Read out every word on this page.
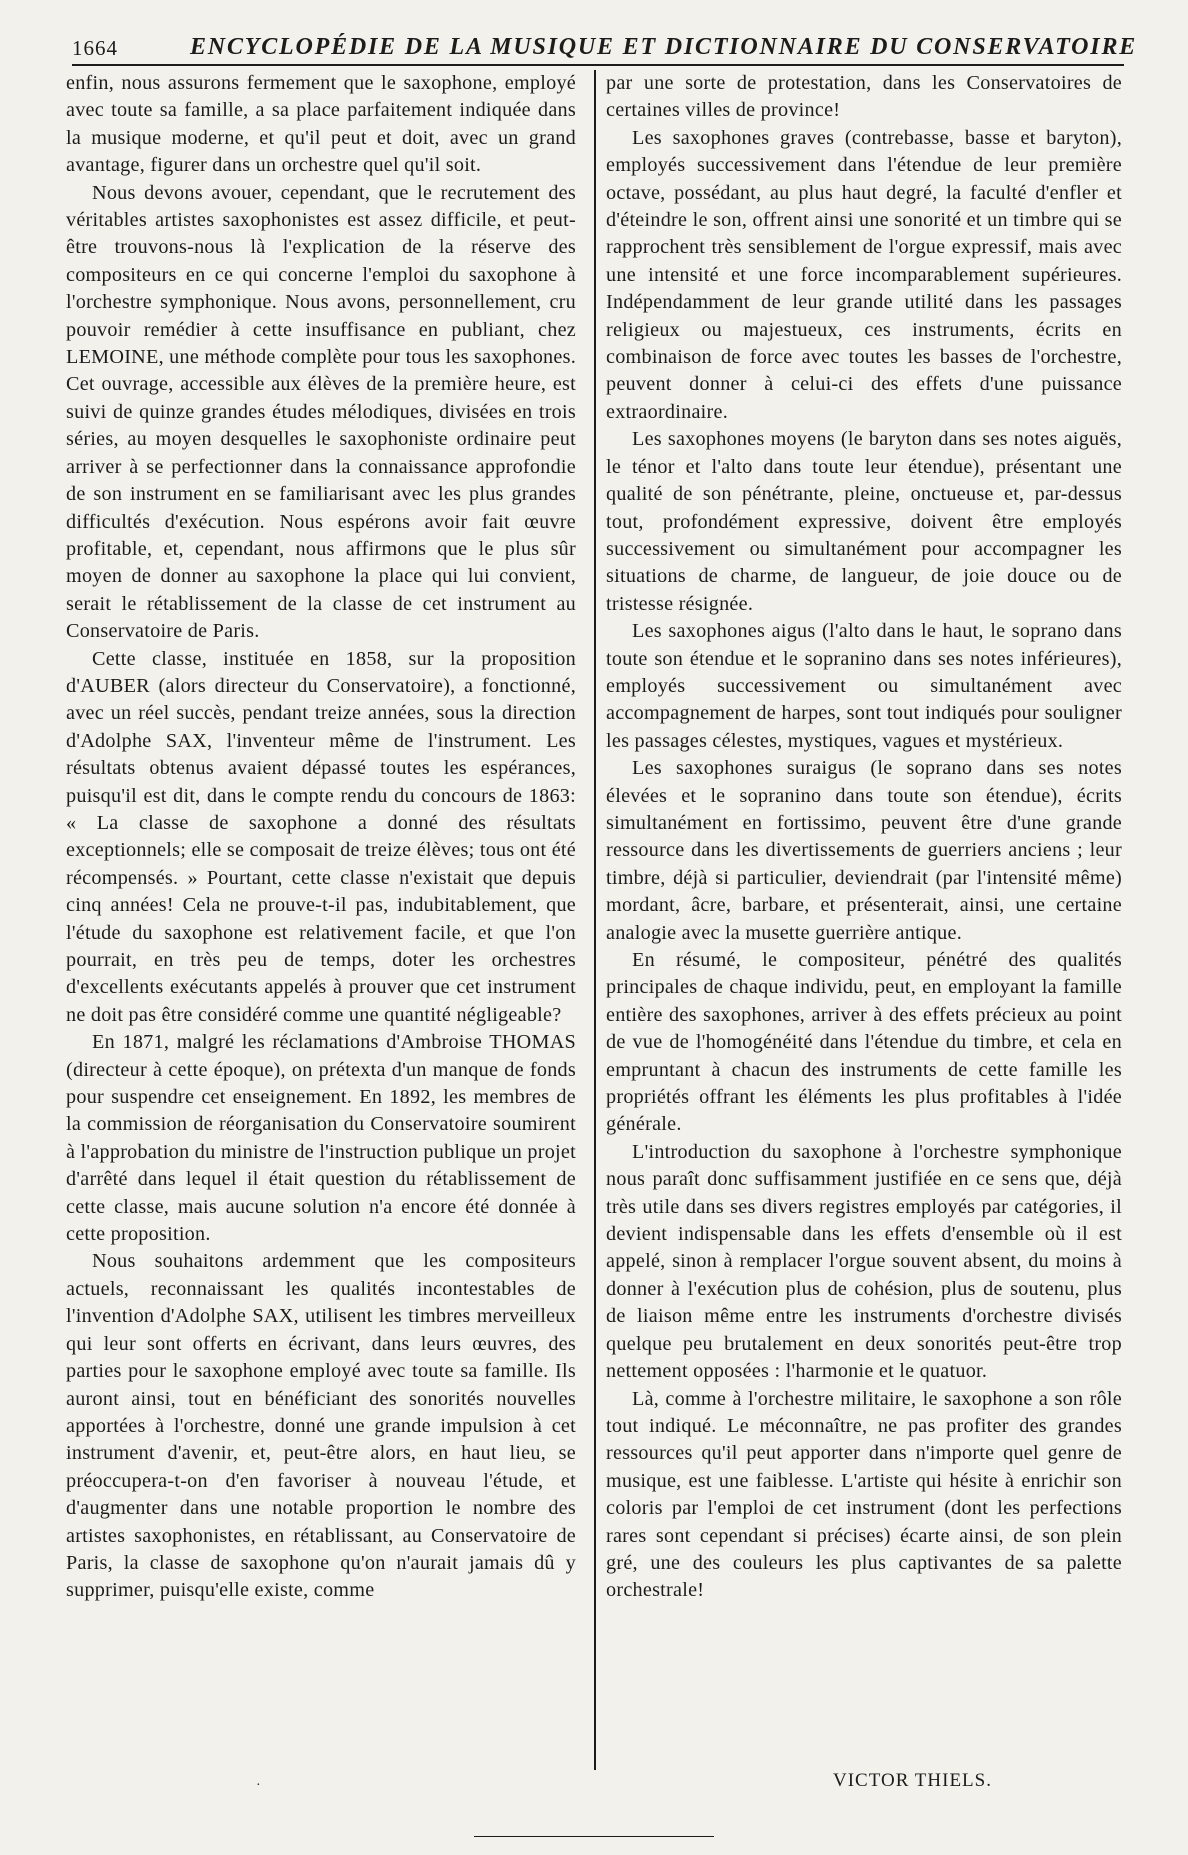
1664	ENCYCLOPÉDIE DE LA MUSIQUE ET DICTIONNAIRE DU CONSERVATOIRE

enfin, nous assurons fermement que le saxophone, employé avec toute sa famille, a sa place parfaitement indiquée dans la musique moderne, et qu'il peut et doit, avec un grand avantage, figurer dans un orchestre quel qu'il soit.

Nous devons avouer, cependant, que le recrutement des véritables artistes saxophonistes est assez difficile, et peut-être trouvons-nous là l'explication de la réserve des compositeurs en ce qui concerne l'emploi du saxophone à l'orchestre symphonique. Nous avons, personnellement, cru pouvoir remédier à cette insuffisance en publiant, chez LEMOINE, une méthode complète pour tous les saxophones. Cet ouvrage, accessible aux élèves de la première heure, est suivi de quinze grandes études mélodiques, divisées en trois séries, au moyen desquelles le saxophoniste ordinaire peut arriver à se perfectionner dans la connaissance approfondie de son instrument en se familiarisant avec les plus grandes difficultés d'exécution. Nous espérons avoir fait œuvre profitable, et, cependant, nous affirmons que le plus sûr moyen de donner au saxophone la place qui lui convient, serait le rétablissement de la classe de cet instrument au Conservatoire de Paris.

Cette classe, instituée en 1858, sur la proposition d'AUBER (alors directeur du Conservatoire), a fonctionné, avec un réel succès, pendant treize années, sous la direction d'Adolphe SAX, l'inventeur même de l'instrument. Les résultats obtenus avaient dépassé toutes les espérances, puisqu'il est dit, dans le compte rendu du concours de 1863: « La classe de saxophone a donné des résultats exceptionnels; elle se composait de treize élèves; tous ont été récompensés. » Pourtant, cette classe n'existait que depuis cinq années! Cela ne prouve-t-il pas, indubitablement, que l'étude du saxophone est relativement facile, et que l'on pourrait, en très peu de temps, doter les orchestres d'excellents exécutants appelés à prouver que cet instrument ne doit pas être considéré comme une quantité négligeable?

En 1871, malgré les réclamations d'Ambroise THOMAS (directeur à cette époque), on prétexta d'un manque de fonds pour suspendre cet enseignement. En 1892, les membres de la commission de réorganisation du Conservatoire soumirent à l'approbation du ministre de l'instruction publique un projet d'arrêté dans lequel il était question du rétablissement de cette classe, mais aucune solution n'a encore été donnée à cette proposition.

Nous souhaitons ardemment que les compositeurs actuels, reconnaissant les qualités incontestables de l'invention d'Adolphe SAX, utilisent les timbres merveilleux qui leur sont offerts en écrivant, dans leurs œuvres, des parties pour le saxophone employé avec toute sa famille. Ils auront ainsi, tout en bénéficiant des sonorités nouvelles apportées à l'orchestre, donné une grande impulsion à cet instrument d'avenir, et, peut-être alors, en haut lieu, se préoccupera-t-on d'en favoriser à nouveau l'étude, et d'augmenter dans une notable proportion le nombre des artistes saxophonistes, en rétablissant, au Conservatoire de Paris, la classe de saxophone qu'on n'aurait jamais dû y supprimer, puisqu'elle existe, comme

par une sorte de protestation, dans les Conservatoires de certaines villes de province!

Les saxophones graves (contrebasse, basse et baryton), employés successivement dans l'étendue de leur première octave, possédant, au plus haut degré, la faculté d'enfler et d'éteindre le son, offrent ainsi une sonorité et un timbre qui se rapprochent très sensiblement de l'orgue expressif, mais avec une intensité et une force incomparablement supérieures. Indépendamment de leur grande utilité dans les passages religieux ou majestueux, ces instruments, écrits en combinaison de force avec toutes les basses de l'orchestre, peuvent donner à celui-ci des effets d'une puissance extraordinaire.

Les saxophones moyens (le baryton dans ses notes aiguës, le ténor et l'alto dans toute leur étendue), présentant une qualité de son pénétrante, pleine, onctueuse et, par-dessus tout, profondément expressive, doivent être employés successivement ou simultanément pour accompagner les situations de charme, de langueur, de joie douce ou de tristesse résignée.

Les saxophones aigus (l'alto dans le haut, le soprano dans toute son étendue et le sopranino dans ses notes inférieures), employés successivement ou simultanément avec accompagnement de harpes, sont tout indiqués pour souligner les passages célestes, mystiques, vagues et mystérieux.

Les saxophones suraigus (le soprano dans ses notes élevées et le sopranino dans toute son étendue), écrits simultanément en fortissimo, peuvent être d'une grande ressource dans les divertissements de guerriers anciens ; leur timbre, déjà si particulier, deviendrait (par l'intensité même) mordant, âcre, barbare, et présenterait, ainsi, une certaine analogie avec la musette guerrière antique.

En résumé, le compositeur, pénétré des qualités principales de chaque individu, peut, en employant la famille entière des saxophones, arriver à des effets précieux au point de vue de l'homogénéité dans l'étendue du timbre, et cela en empruntant à chacun des instruments de cette famille les propriétés offrant les éléments les plus profitables à l'idée générale.

L'introduction du saxophone à l'orchestre symphonique nous paraît donc suffisamment justifiée en ce sens que, déjà très utile dans ses divers registres employés par catégories, il devient indispensable dans les effets d'ensemble où il est appelé, sinon à remplacer l'orgue souvent absent, du moins à donner à l'exécution plus de cohésion, plus de soutenu, plus de liaison même entre les instruments d'orchestre divisés quelque peu brutalement en deux sonorités peut-être trop nettement opposées : l'harmonie et le quatuor.

Là, comme à l'orchestre militaire, le saxophone a son rôle tout indiqué. Le méconnaître, ne pas profiter des grandes ressources qu'il peut apporter dans n'importe quel genre de musique, est une faiblesse. L'artiste qui hésite à enrichir son coloris par l'emploi de cet instrument (dont les perfections rares sont cependant si précises) écarte ainsi, de son plein gré, une des couleurs les plus captivantes de sa palette orchestrale!

·	VICTOR THIELS.
